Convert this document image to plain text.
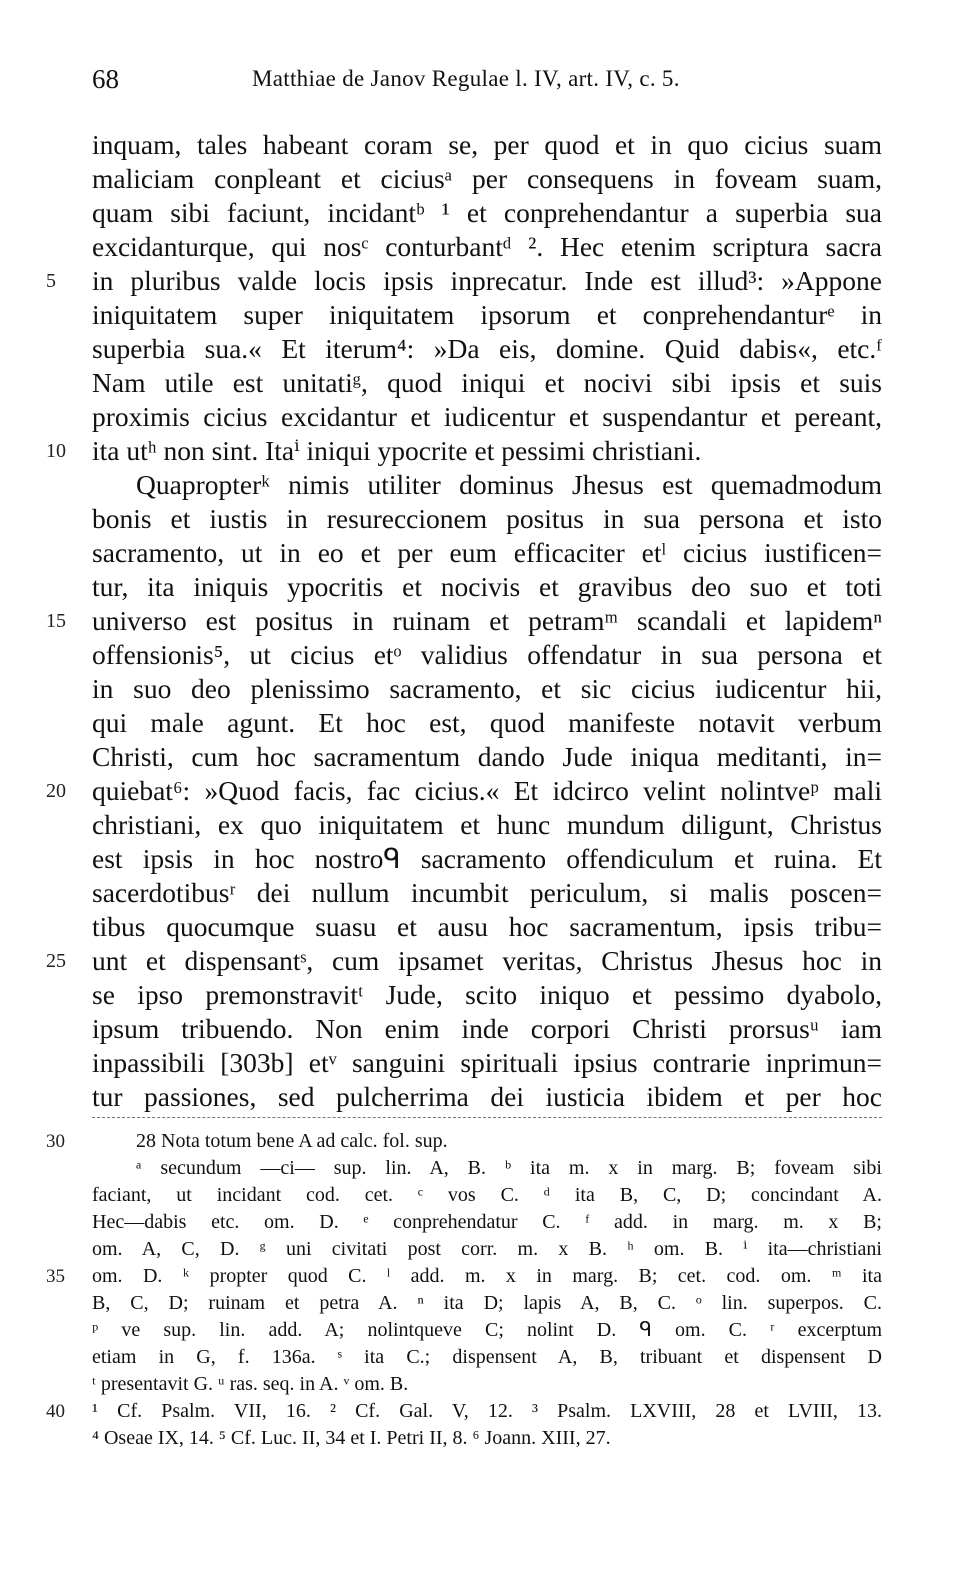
68	Matthiae de Janov Regulae l. IV, art. IV, c. 5.
inquam, tales habeant coram se, per quod et in quo cicius suam
maliciam conpleant et ciciusᵃ per consequens in foveam suam,
quam sibi faciunt, incidantᵇ ¹ et conprehendantur a superbia sua
excidanturque, qui nosᶜ conturbantᵈ ². Hec etenim scriptura sacra
in pluribus valde locis ipsis inprecatur. Inde est illud³: »Appone
iniquitatem super iniquitatem ipsorum et conprehendanturᵉ in
superbia sua.« Et iterum⁴: »Da eis, domine. Quid dabis«, etc.ᶠ
Nam utile est unitatiᵍ, quod iniqui et nocivi sibi ipsis et suis
proximis cicius excidantur et iudicentur et suspendantur et pereant,
ita utʰ non sint. Itaⁱ iniqui ypocrite et pessimi christiani.
Quapropterᵏ nimis utiliter dominus Jhesus est quemadmodum
bonis et iustis in resureccionem positus in sua persona et isto
sacramento, ut in eo et per eum efficaciter etˡ cicius iustificen=
tur, ita iniquis ypocritis et nocivis et gravibus deo suo et toti
universo est positus in ruinam et petramᵐ scandali et lapidemⁿ
offensionis⁵, ut cicius etᵒ validius offendatur in sua persona et
in suo deo plenissimo sacramento, et sic cicius iudicentur hii,
qui male agunt. Et hoc est, quod manifeste notavit verbum
Christi, cum hoc sacramentum dando Jude iniqua meditanti, in=
quiebat⁶: »Quod facis, fac cicius.« Et idcirco velint nolintveᵖ mali
christiani, ex quo iniquitatem et hunc mundum diligunt, Christus
est ipsis in hoc nostroᑫ sacramento offendiculum et ruina. Et
sacerdotibusʳ dei nullum incumbit periculum, si malis poscen=
tibus quocumque suasu et ausu hoc sacramentum, ipsis tribu=
unt et dispensantˢ, cum ipsamet veritas, Christus Jhesus hoc in
se ipso premonstravitᵗ Jude, scito iniquo et pessimo dyabolo,
ipsum tribuendo. Non enim inde corpori Christi prorsusᵘ iam
inpassibili [303b] etᵛ sanguini spirituali ipsius contrarie inprimun=
tur passiones, sed pulcherrima dei iusticia ibidem et per hoc
5
10
15
20
25
28 Nota totum bene A ad calc. fol. sup.
ᵃ secundum —ci— sup. lin. A, B. ᵇ ita m. x in marg. B; foveam sibi
faciant, ut incidant cod. cet. ᶜ vos C. ᵈ ita B, C, D; concindant A.
Hec—dabis etc. om. D. ᵉ conprehendatur C. ᶠ add. in marg. m. x B;
om. A, C, D. ᵍ uni civitati post corr. m. x B. ʰ om. B. ⁱ ita—christiani
om. D. ᵏ propter quod C. ˡ add. m. x in marg. B; cet. cod. om. ᵐ ita
B, C, D; ruinam et petra A. ⁿ ita D; lapis A, B, C. ᵒ lin. superpos. C.
ᵖ ve sup. lin. add. A; nolintqueve C; nolint D. ᑫ om. C. ʳ excerptum
etiam in G, f. 136a. ˢ ita C.; dispensent A, B, tribuant et dispensent D
ᵗ presentavit G. ᵘ ras. seq. in A. ᵛ om. B.
¹ Cf. Psalm. VII, 16. ² Cf. Gal. V, 12. ³ Psalm. LXVIII, 28 et LVIII, 13.
⁴ Oseae IX, 14. ⁵ Cf. Luc. II, 34 et I. Petri II, 8. ⁶ Joann. XIII, 27.
30
35
40
